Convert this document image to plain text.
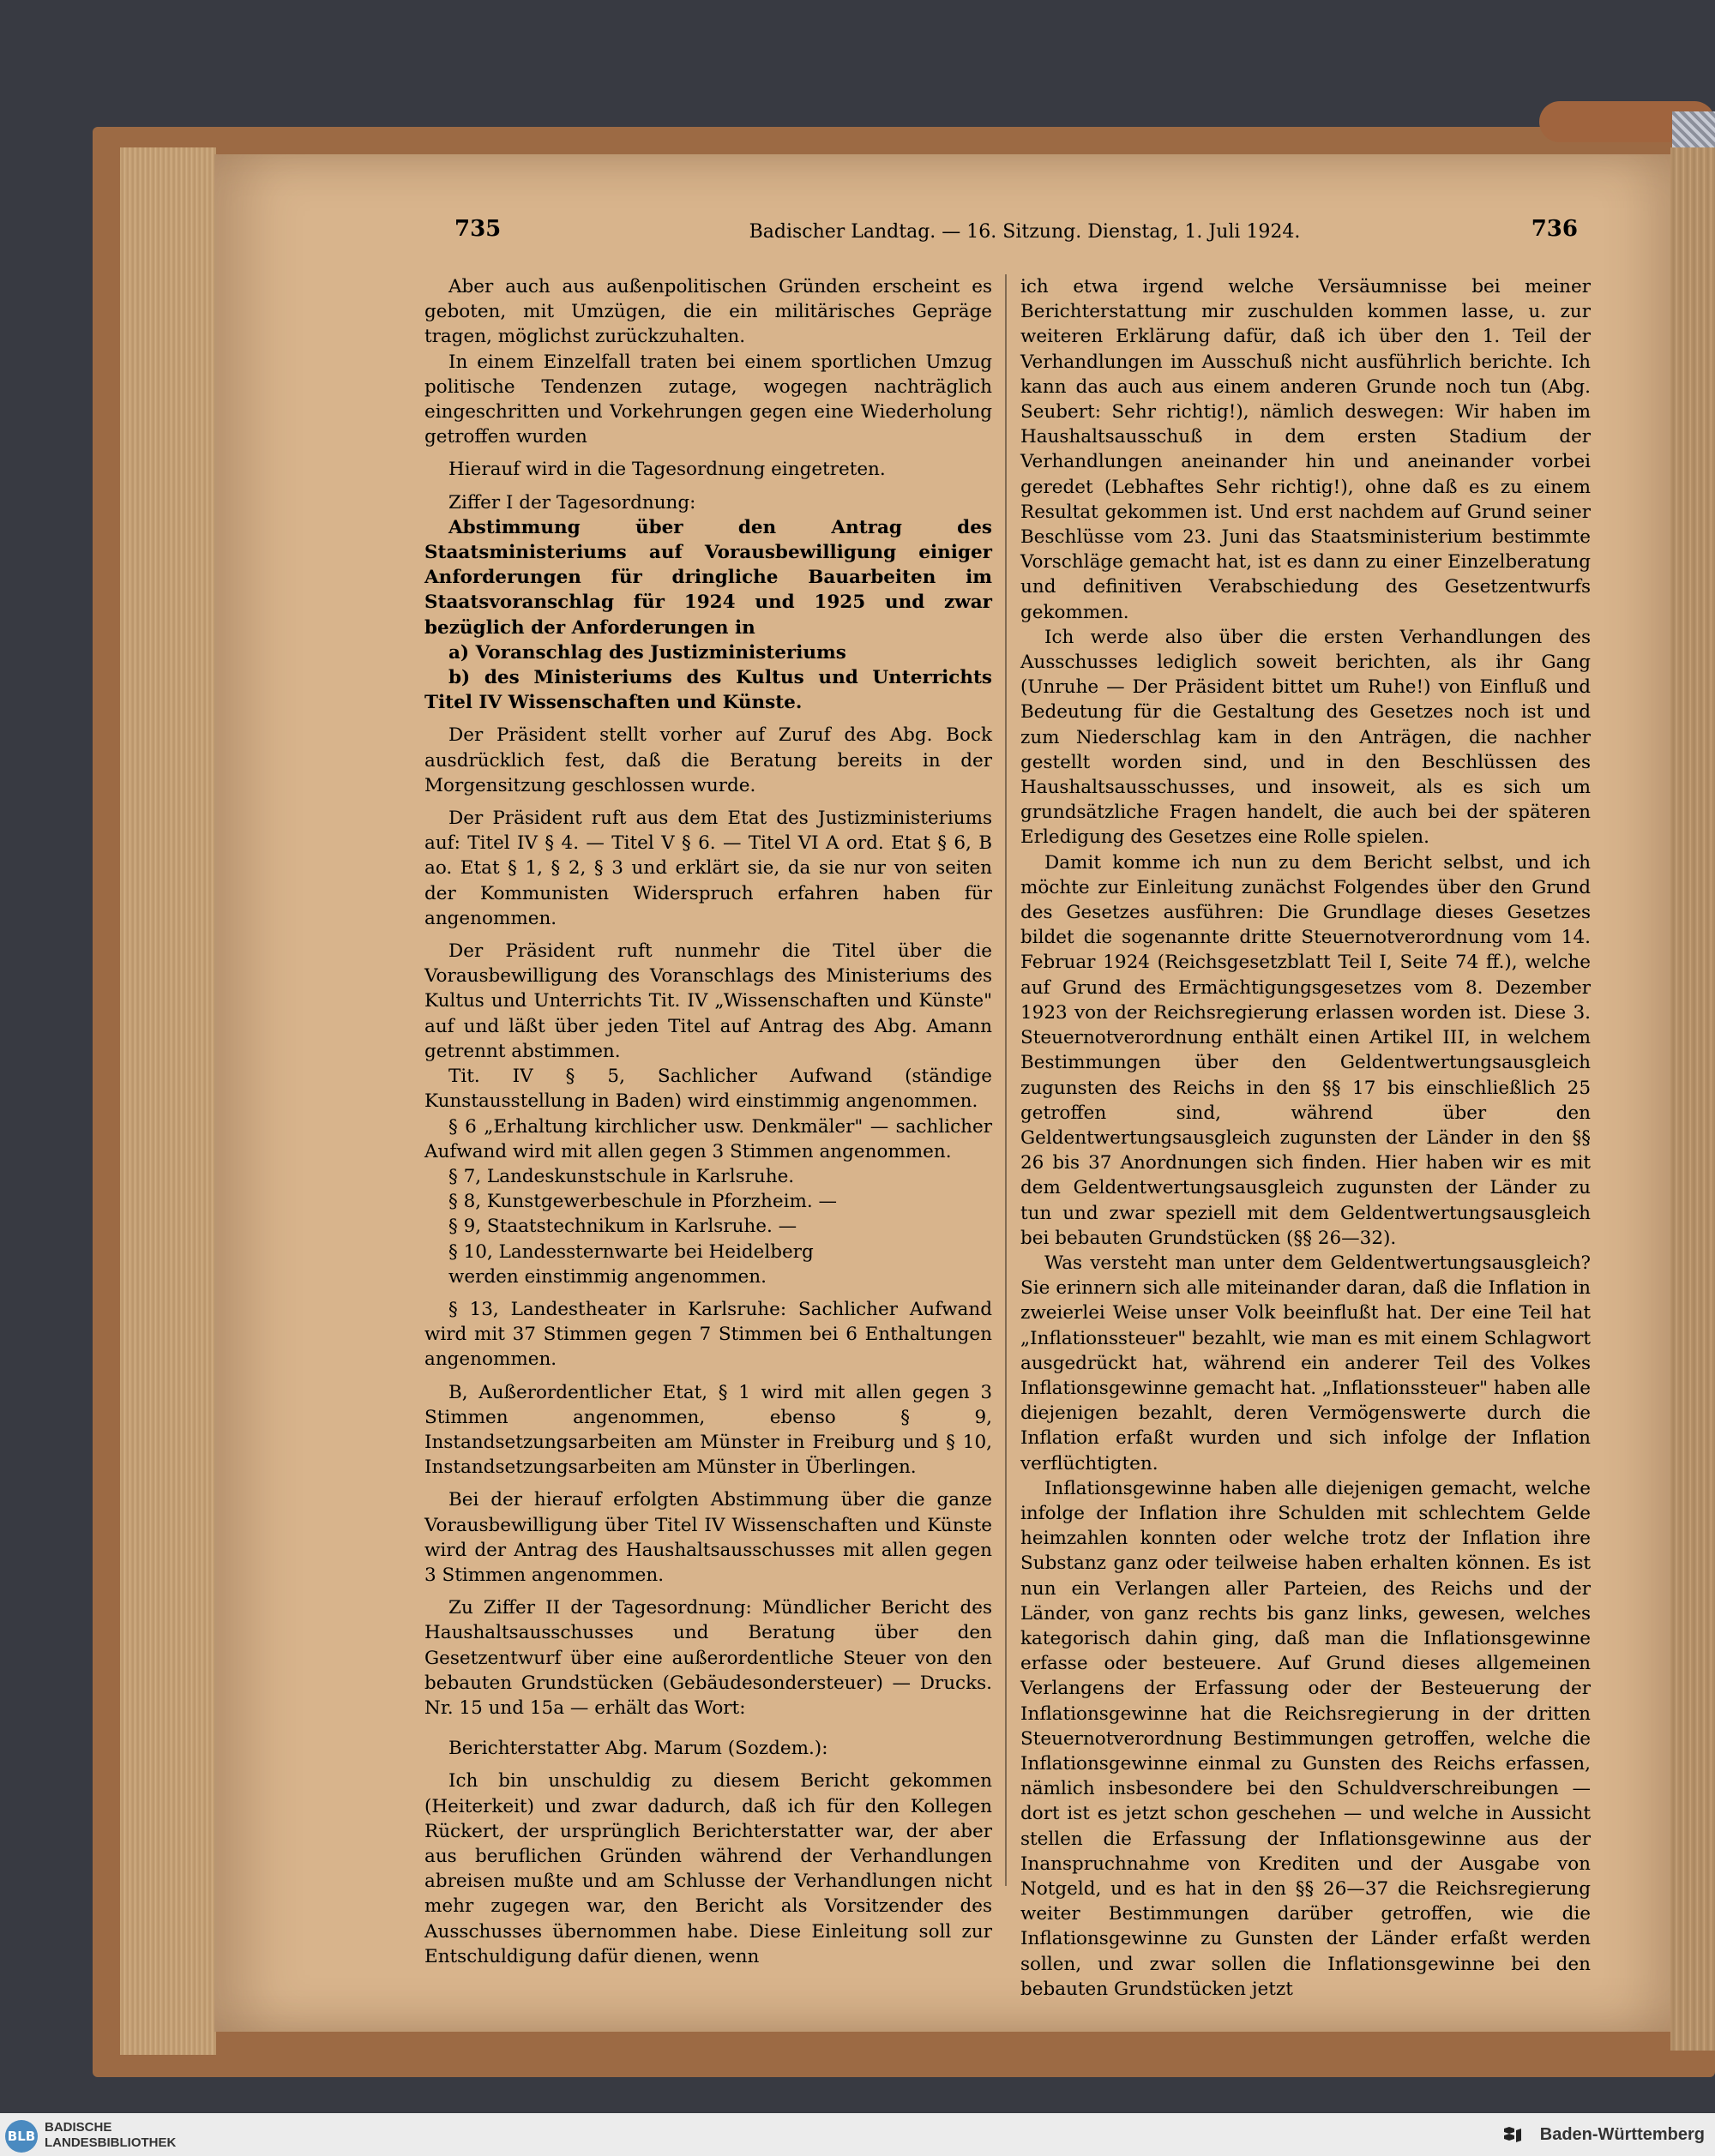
735	Badischer Landtag. — 16. Sitzung. Dienstag, 1. Juli 1924.	736

Aber auch aus außenpolitischen Gründen erscheint es geboten, mit Umzügen, die ein militärisches Gepräge tragen, möglichst zurückzuhalten.

In einem Einzelfall traten bei einem sportlichen Umzug politische Tendenzen zutage, wogegen nachträglich eingeschritten und Vorkehrungen gegen eine Wiederholung getroffen wurden

Hierauf wird in die Tagesordnung eingetreten.

Ziffer I der Tagesordnung:

Abstimmung über den Antrag des Staatsministeriums auf Vorausbewilligung einiger Anforderungen für dringliche Bauarbeiten im Staatsvoranschlag für 1924 und 1925 und zwar bezüglich der Anforderungen in

a) Voranschlag des Justizministeriums

b) des Ministeriums des Kultus und Unterrichts Titel IV Wissenschaften und Künste.

Der Präsident stellt vorher auf Zuruf des Abg. Bock ausdrücklich fest, daß die Beratung bereits in der Morgensitzung geschlossen wurde.

Der Präsident ruft aus dem Etat des Justizministeriums auf: Titel IV § 4. — Titel V § 6. — Titel VI A ord. Etat § 6, B ao. Etat § 1, § 2, § 3 und erklärt sie, da sie nur von seiten der Kommunisten Widerspruch erfahren haben für angenommen.

Der Präsident ruft nunmehr die Titel über die Vorausbewilligung des Voranschlags des Ministeriums des Kultus und Unterrichts Tit. IV „Wissenschaften und Künste" auf und läßt über jeden Titel auf Antrag des Abg. Amann getrennt abstimmen.

Tit. IV § 5, Sachlicher Aufwand (ständige Kunstausstellung in Baden) wird einstimmig angenommen.

§ 6 „Erhaltung kirchlicher usw. Denkmäler" — sachlicher Aufwand wird mit allen gegen 3 Stimmen angenommen.

§ 7, Landeskunstschule in Karlsruhe.

§ 8, Kunstgewerbeschule in Pforzheim. —

§ 9, Staatstechnikum in Karlsruhe. —

§ 10, Landessternwarte bei Heidelberg

werden einstimmig angenommen.

§ 13, Landestheater in Karlsruhe: Sachlicher Aufwand wird mit 37 Stimmen gegen 7 Stimmen bei 6 Enthaltungen angenommen.

B, Außerordentlicher Etat, § 1 wird mit allen gegen 3 Stimmen angenommen, ebenso § 9, Instandsetzungsarbeiten am Münster in Freiburg und § 10, Instandsetzungsarbeiten am Münster in Überlingen.

Bei der hierauf erfolgten Abstimmung über die ganze Vorausbewilligung über Titel IV Wissenschaften und Künste wird der Antrag des Haushaltsausschusses mit allen gegen 3 Stimmen angenommen.

Zu Ziffer II der Tagesordnung: Mündlicher Bericht des Haushaltsausschusses und Beratung über den Gesetzentwurf über eine außerordentliche Steuer von den bebauten Grundstücken (Gebäudesondersteuer) — Drucks. Nr. 15 und 15a — erhält das Wort:

Berichterstatter Abg. Marum (Sozdem.):

Ich bin unschuldig zu diesem Bericht gekommen (Heiterkeit) und zwar dadurch, daß ich für den Kollegen Rückert, der ursprünglich Berichterstatter war, der aber aus beruflichen Gründen während der Verhandlungen abreisen mußte und am Schlusse der Verhandlungen nicht mehr zugegen war, den Bericht als Vorsitzender des Ausschusses übernommen habe. Diese Einleitung soll zur Entschuldigung dafür dienen, wenn

ich etwa irgend welche Versäumnisse bei meiner Berichterstattung mir zuschulden kommen lasse, u. zur weiteren Erklärung dafür, daß ich über den 1. Teil der Verhandlungen im Ausschuß nicht ausführlich berichte. Ich kann das auch aus einem anderen Grunde noch tun (Abg. Seubert: Sehr richtig!), nämlich deswegen: Wir haben im Haushaltsausschuß in dem ersten Stadium der Verhandlungen aneinander hin und aneinander vorbei geredet (Lebhaftes Sehr richtig!), ohne daß es zu einem Resultat gekommen ist. Und erst nachdem auf Grund seiner Beschlüsse vom 23. Juni das Staatsministerium bestimmte Vorschläge gemacht hat, ist es dann zu einer Einzelberatung und definitiven Verabschiedung des Gesetzentwurfs gekommen.

Ich werde also über die ersten Verhandlungen des Ausschusses lediglich soweit berichten, als ihr Gang (Unruhe — Der Präsident bittet um Ruhe!) von Einfluß und Bedeutung für die Gestaltung des Gesetzes noch ist und zum Niederschlag kam in den Anträgen, die nachher gestellt worden sind, und in den Beschlüssen des Haushaltsausschusses, und insoweit, als es sich um grundsätzliche Fragen handelt, die auch bei der späteren Erledigung des Gesetzes eine Rolle spielen.

Damit komme ich nun zu dem Bericht selbst, und ich möchte zur Einleitung zunächst Folgendes über den Grund des Gesetzes ausführen: Die Grundlage dieses Gesetzes bildet die sogenannte dritte Steuernotverordnung vom 14. Februar 1924 (Reichsgesetzblatt Teil I, Seite 74 ff.), welche auf Grund des Ermächtigungsgesetzes vom 8. Dezember 1923 von der Reichsregierung erlassen worden ist. Diese 3. Steuernotverordnung enthält einen Artikel III, in welchem Bestimmungen über den Geldentwertungsausgleich zugunsten des Reichs in den §§ 17 bis einschließlich 25 getroffen sind, während über den Geldentwertungsausgleich zugunsten der Länder in den §§ 26 bis 37 Anordnungen sich finden. Hier haben wir es mit dem Geldentwertungsausgleich zugunsten der Länder zu tun und zwar speziell mit dem Geldentwertungsausgleich bei bebauten Grundstücken (§§ 26—32).

Was versteht man unter dem Geldentwertungsausgleich? Sie erinnern sich alle miteinander daran, daß die Inflation in zweierlei Weise unser Volk beeinflußt hat. Der eine Teil hat „Inflationssteuer" bezahlt, wie man es mit einem Schlagwort ausgedrückt hat, während ein anderer Teil des Volkes Inflationsgewinne gemacht hat. „Inflationssteuer" haben alle diejenigen bezahlt, deren Vermögenswerte durch die Inflation erfaßt wurden und sich infolge der Inflation verflüchtigten.

Inflationsgewinne haben alle diejenigen gemacht, welche infolge der Inflation ihre Schulden mit schlechtem Gelde heimzahlen konnten oder welche trotz der Inflation ihre Substanz ganz oder teilweise haben erhalten können. Es ist nun ein Verlangen aller Parteien, des Reichs und der Länder, von ganz rechts bis ganz links, gewesen, welches kategorisch dahin ging, daß man die Inflationsgewinne erfasse oder besteuere. Auf Grund dieses allgemeinen Verlangens der Erfassung oder der Besteuerung der Inflationsgewinne hat die Reichsregierung in der dritten Steuernotverordnung Bestimmungen getroffen, welche die Inflationsgewinne einmal zu Gunsten des Reichs erfassen, nämlich insbesondere bei den Schuldverschreibungen — dort ist es jetzt schon geschehen — und welche in Aussicht stellen die Erfassung der Inflationsgewinne aus der Inanspruchnahme von Krediten und der Ausgabe von Notgeld, und es hat in den §§ 26—37 die Reichsregierung weiter Bestimmungen darüber getroffen, wie die Inflationsgewinne zu Gunsten der Länder erfaßt werden sollen, und zwar sollen die Inflationsgewinne bei den bebauten Grundstücken jetzt

BLB
BADISCHE
LANDESBIBLIOTHEK	Baden-Württemberg
